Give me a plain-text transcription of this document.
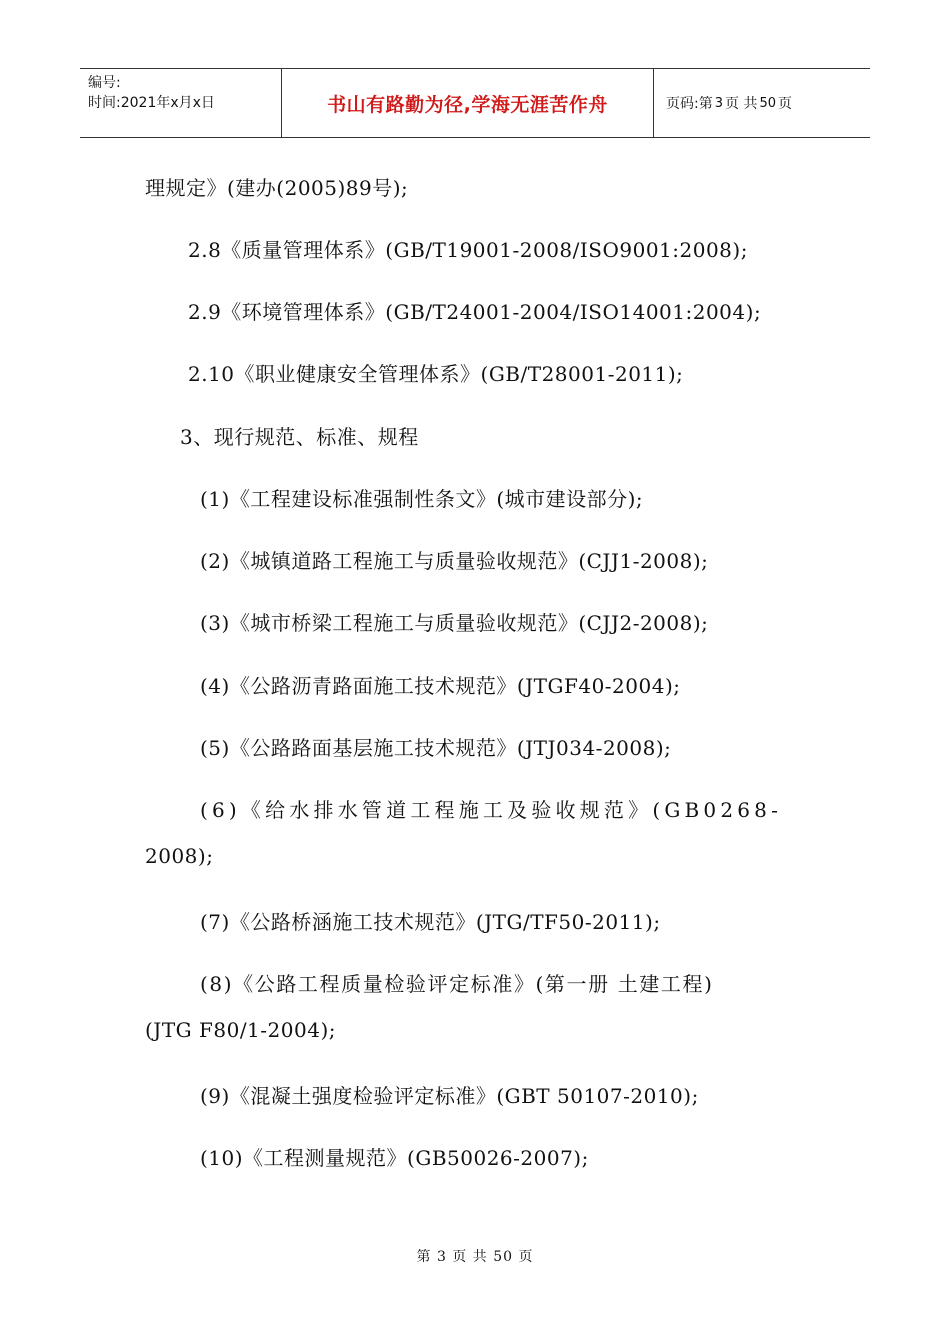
编号:
时间:2021年x月x日	书山有路勤为径,学海无涯苦作舟	页码:第 3 页 共 50 页
理规定》(建办(2005)89号);
2.8《质量管理体系》(GB/T19001-2008/ISO9001:2008);
2.9《环境管理体系》(GB/T24001-2004/ISO14001:2004);
2.10《职业健康安全管理体系》(GB/T28001-2011);
3、现行规范、标准、规程
(1)《工程建设标准强制性条文》(城市建设部分);
(2)《城镇道路工程施工与质量验收规范》(CJJ1-2008);
(3)《城市桥梁工程施工与质量验收规范》(CJJ2-2008);
(4)《公路沥青路面施工技术规范》(JTGF40-2004);
(5)《公路路面基层施工技术规范》(JTJ034-2008);
(6)《给水排水管道工程施工及验收规范》(GB0268-
2008);
(7)《公路桥涵施工技术规范》(JTG/TF50-2011);
(8)《公路工程质量检验评定标准》(第一册 土建工程)
(JTG F80/1-2004);
(9)《混凝土强度检验评定标准》(GBT 50107-2010);
(10)《工程测量规范》(GB50026-2007);
第 3 页 共 50 页
